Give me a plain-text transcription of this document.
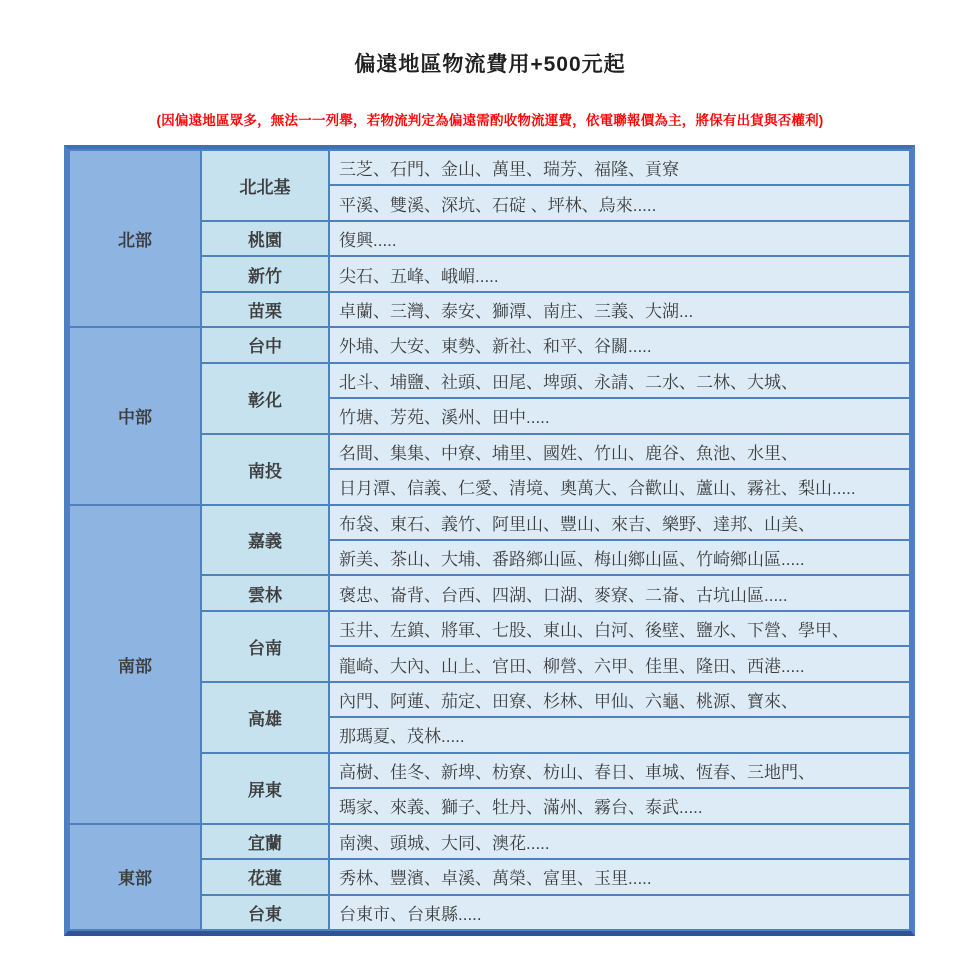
偏遠地區物流費用+500元起
(因偏遠地區眾多，無法一一列舉，若物流判定為偏遠需酌收物流運費，依電聯報價為主，將保有出貨與否權利)
北部	北北基	三芝、石門、金山、萬里、瑞芳、福隆、貢寮
		平溪、雙溪、深坑、石碇 、坪林、烏來.....
	桃園	復興.....
	新竹	尖石、五峰、峨嵋.....
	苗栗	卓蘭、三灣、泰安、獅潭、南庄、三義、大湖...
中部	台中	外埔、大安、東勢、新社、和平、谷關.....
	彰化	北斗、埔鹽、社頭、田尾、埤頭、永請、二水、二林、大城、
		竹塘、芳苑、溪州、田中.....
	南投	名間、集集、中寮、埔里、國姓、竹山、鹿谷、魚池、水里、
		日月潭、信義、仁愛、清境、奧萬大、合歡山、蘆山、霧社、梨山.....
南部	嘉義	布袋、東石、義竹、阿里山、豐山、來吉、樂野、達邦、山美、
		新美、茶山、大埔、番路鄉山區、梅山鄉山區、竹崎鄉山區.....
	雲林	褒忠、崙背、台西、四湖、口湖、麥寮、二崙、古坑山區.....
	台南	玉井、左鎮、將軍、七股、東山、白河、後壁、鹽水、下營、學甲、
		龍崎、大內、山上、官田、柳營、六甲、佳里、隆田、西港.....
	高雄	內門、阿蓮、茄定、田寮、杉林、甲仙、六龜、桃源、寶來、
		那瑪夏、茂林.....
	屏東	高樹、佳冬、新埤、枋寮、枋山、春日、車城、恆春、三地門、
		瑪家、來義、獅子、牡丹、滿州、霧台、泰武.....
東部	宜蘭	南澳、頭城、大同、澳花.....
	花蓮	秀林、豐濱、卓溪、萬榮、富里、玉里.....
	台東	台東市、台東縣.....
